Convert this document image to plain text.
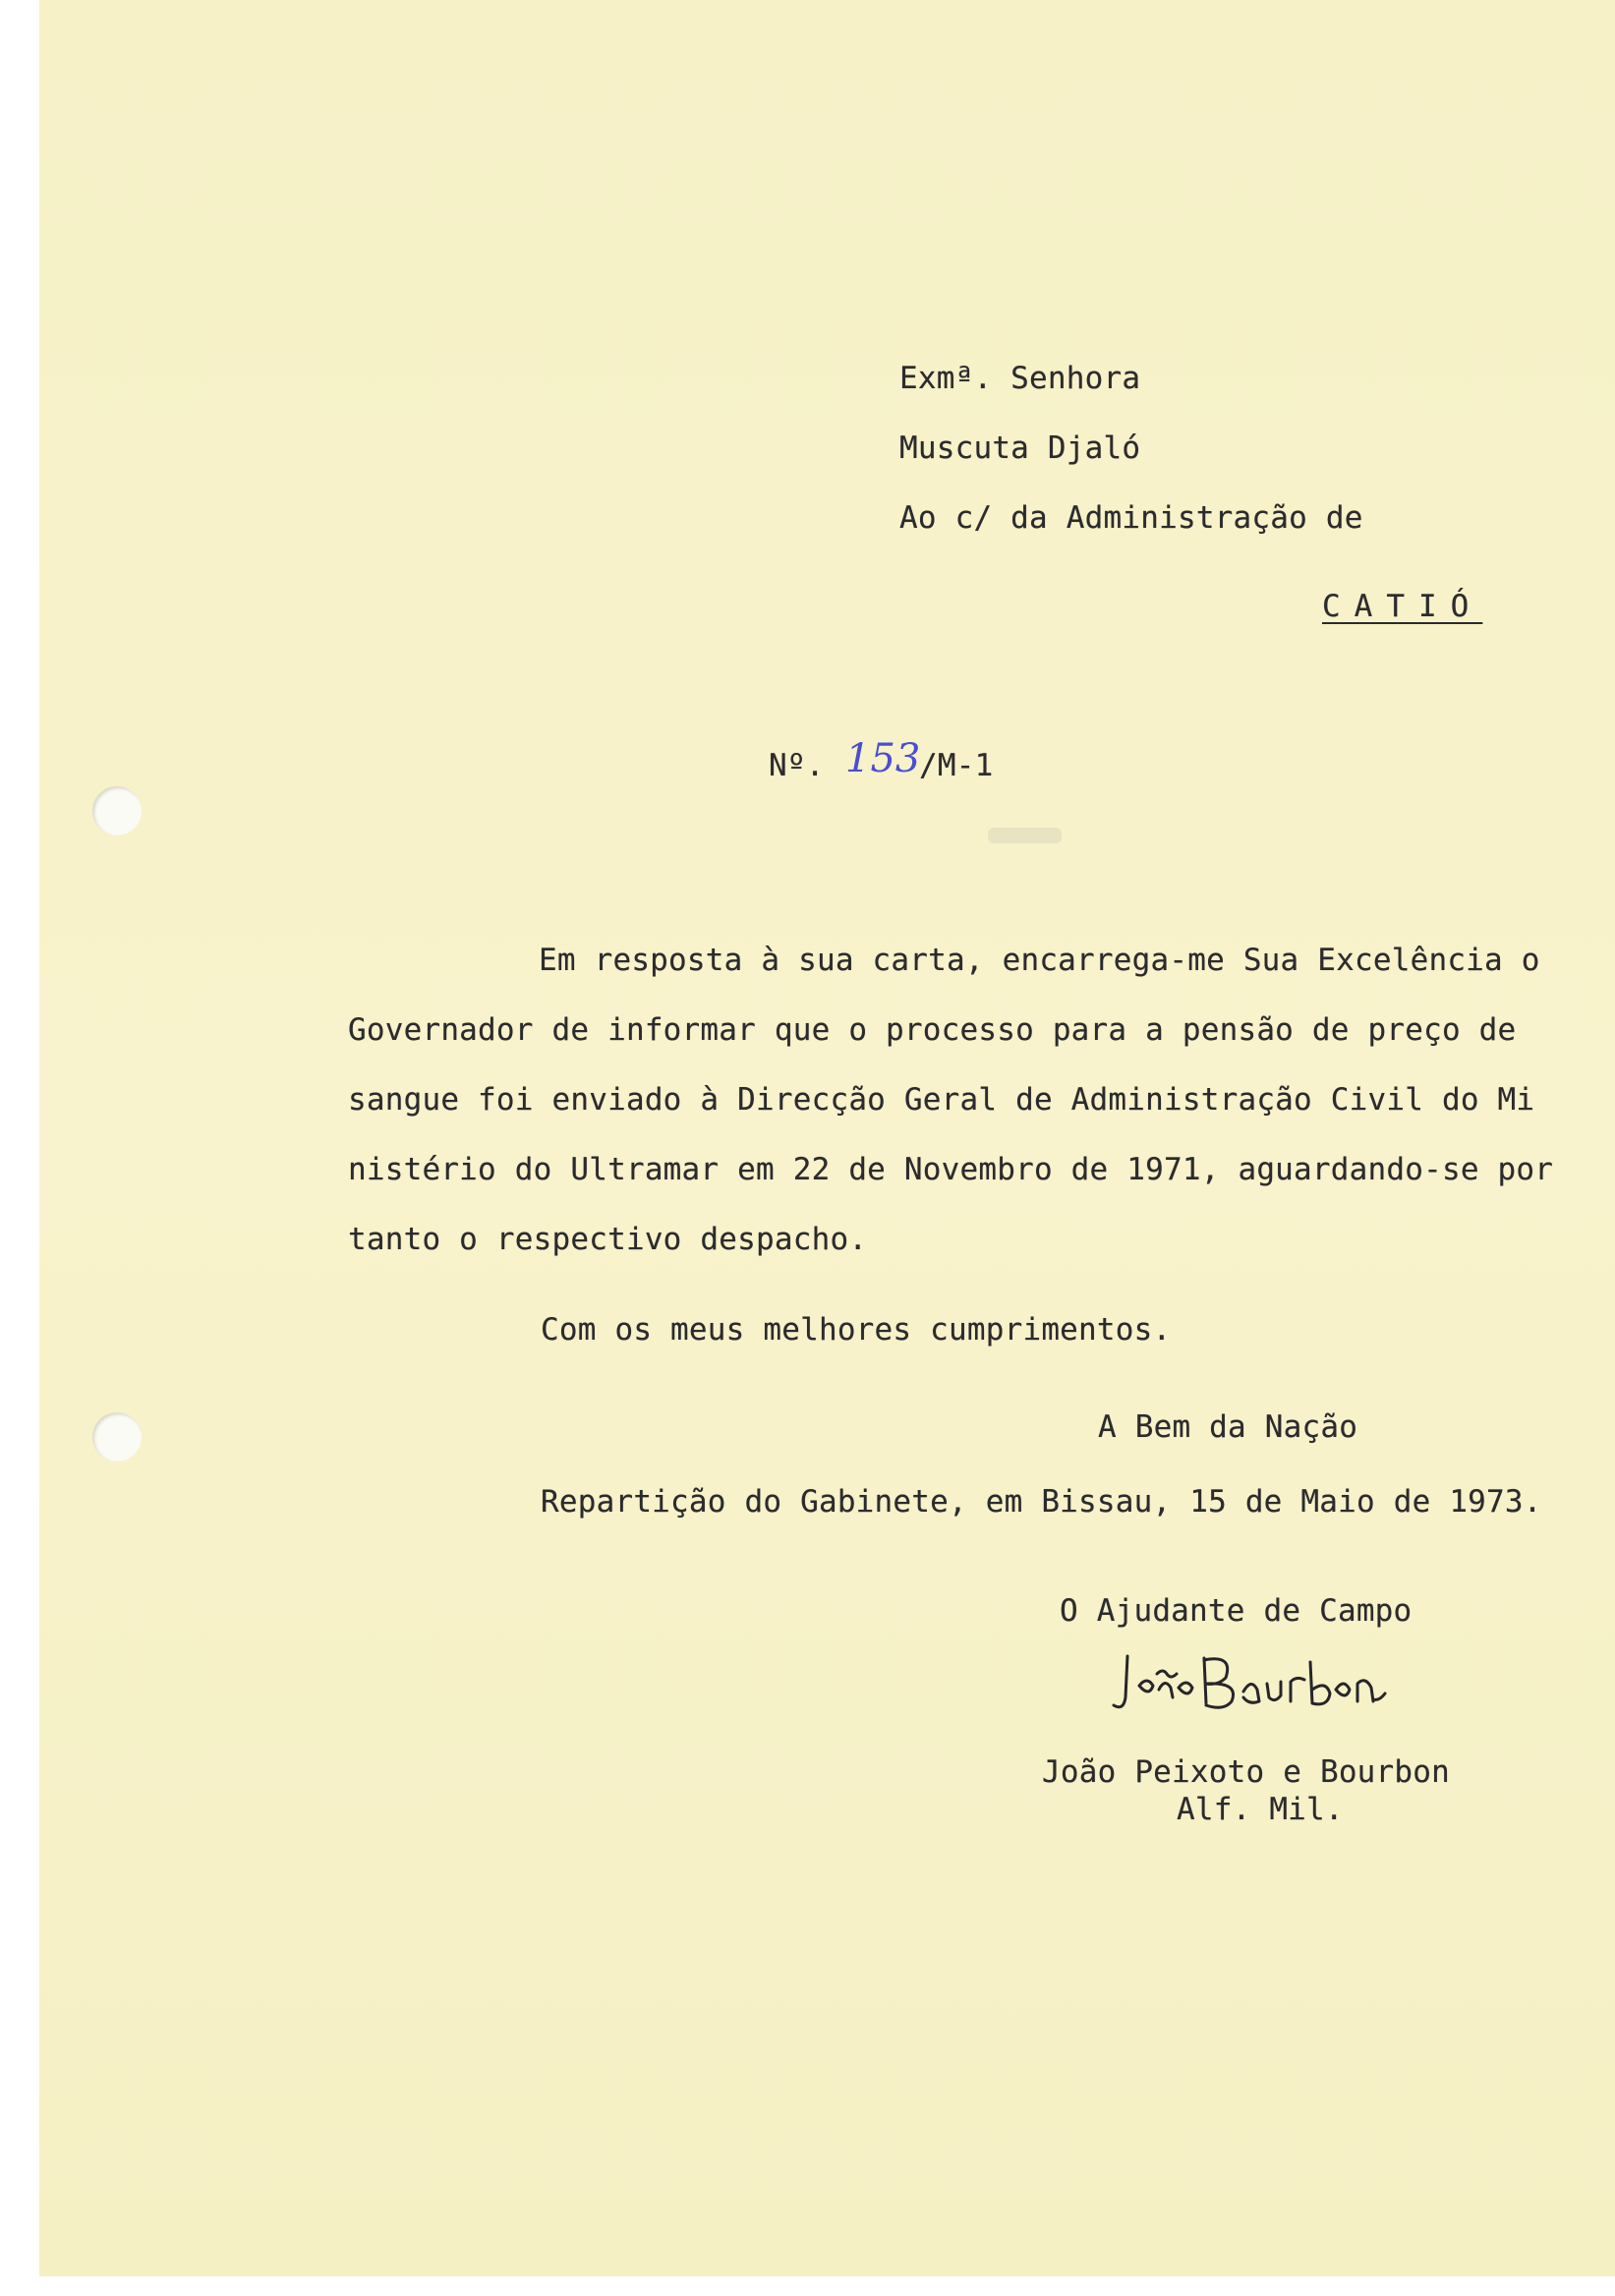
Exmª. Senhora
Muscuta Djaló
Ao c/ da Administração de
CATIÓ
Nº. 153
/M-1
Em resposta à sua carta, encarrega-me Sua Excelência o
Governador de informar que o processo para a pensão de preço de
sangue foi enviado à Direcção Geral de Administração Civil do Mi
nistério do Ultramar em 22 de Novembro de 1971, aguardando-se por
tanto o respectivo despacho.
Com os meus melhores cumprimentos.
A Bem da Nação
Repartição do Gabinete, em Bissau, 15 de Maio de 1973.
O Ajudante de Campo
João Peixoto e Bourbon
Alf. Mil.
